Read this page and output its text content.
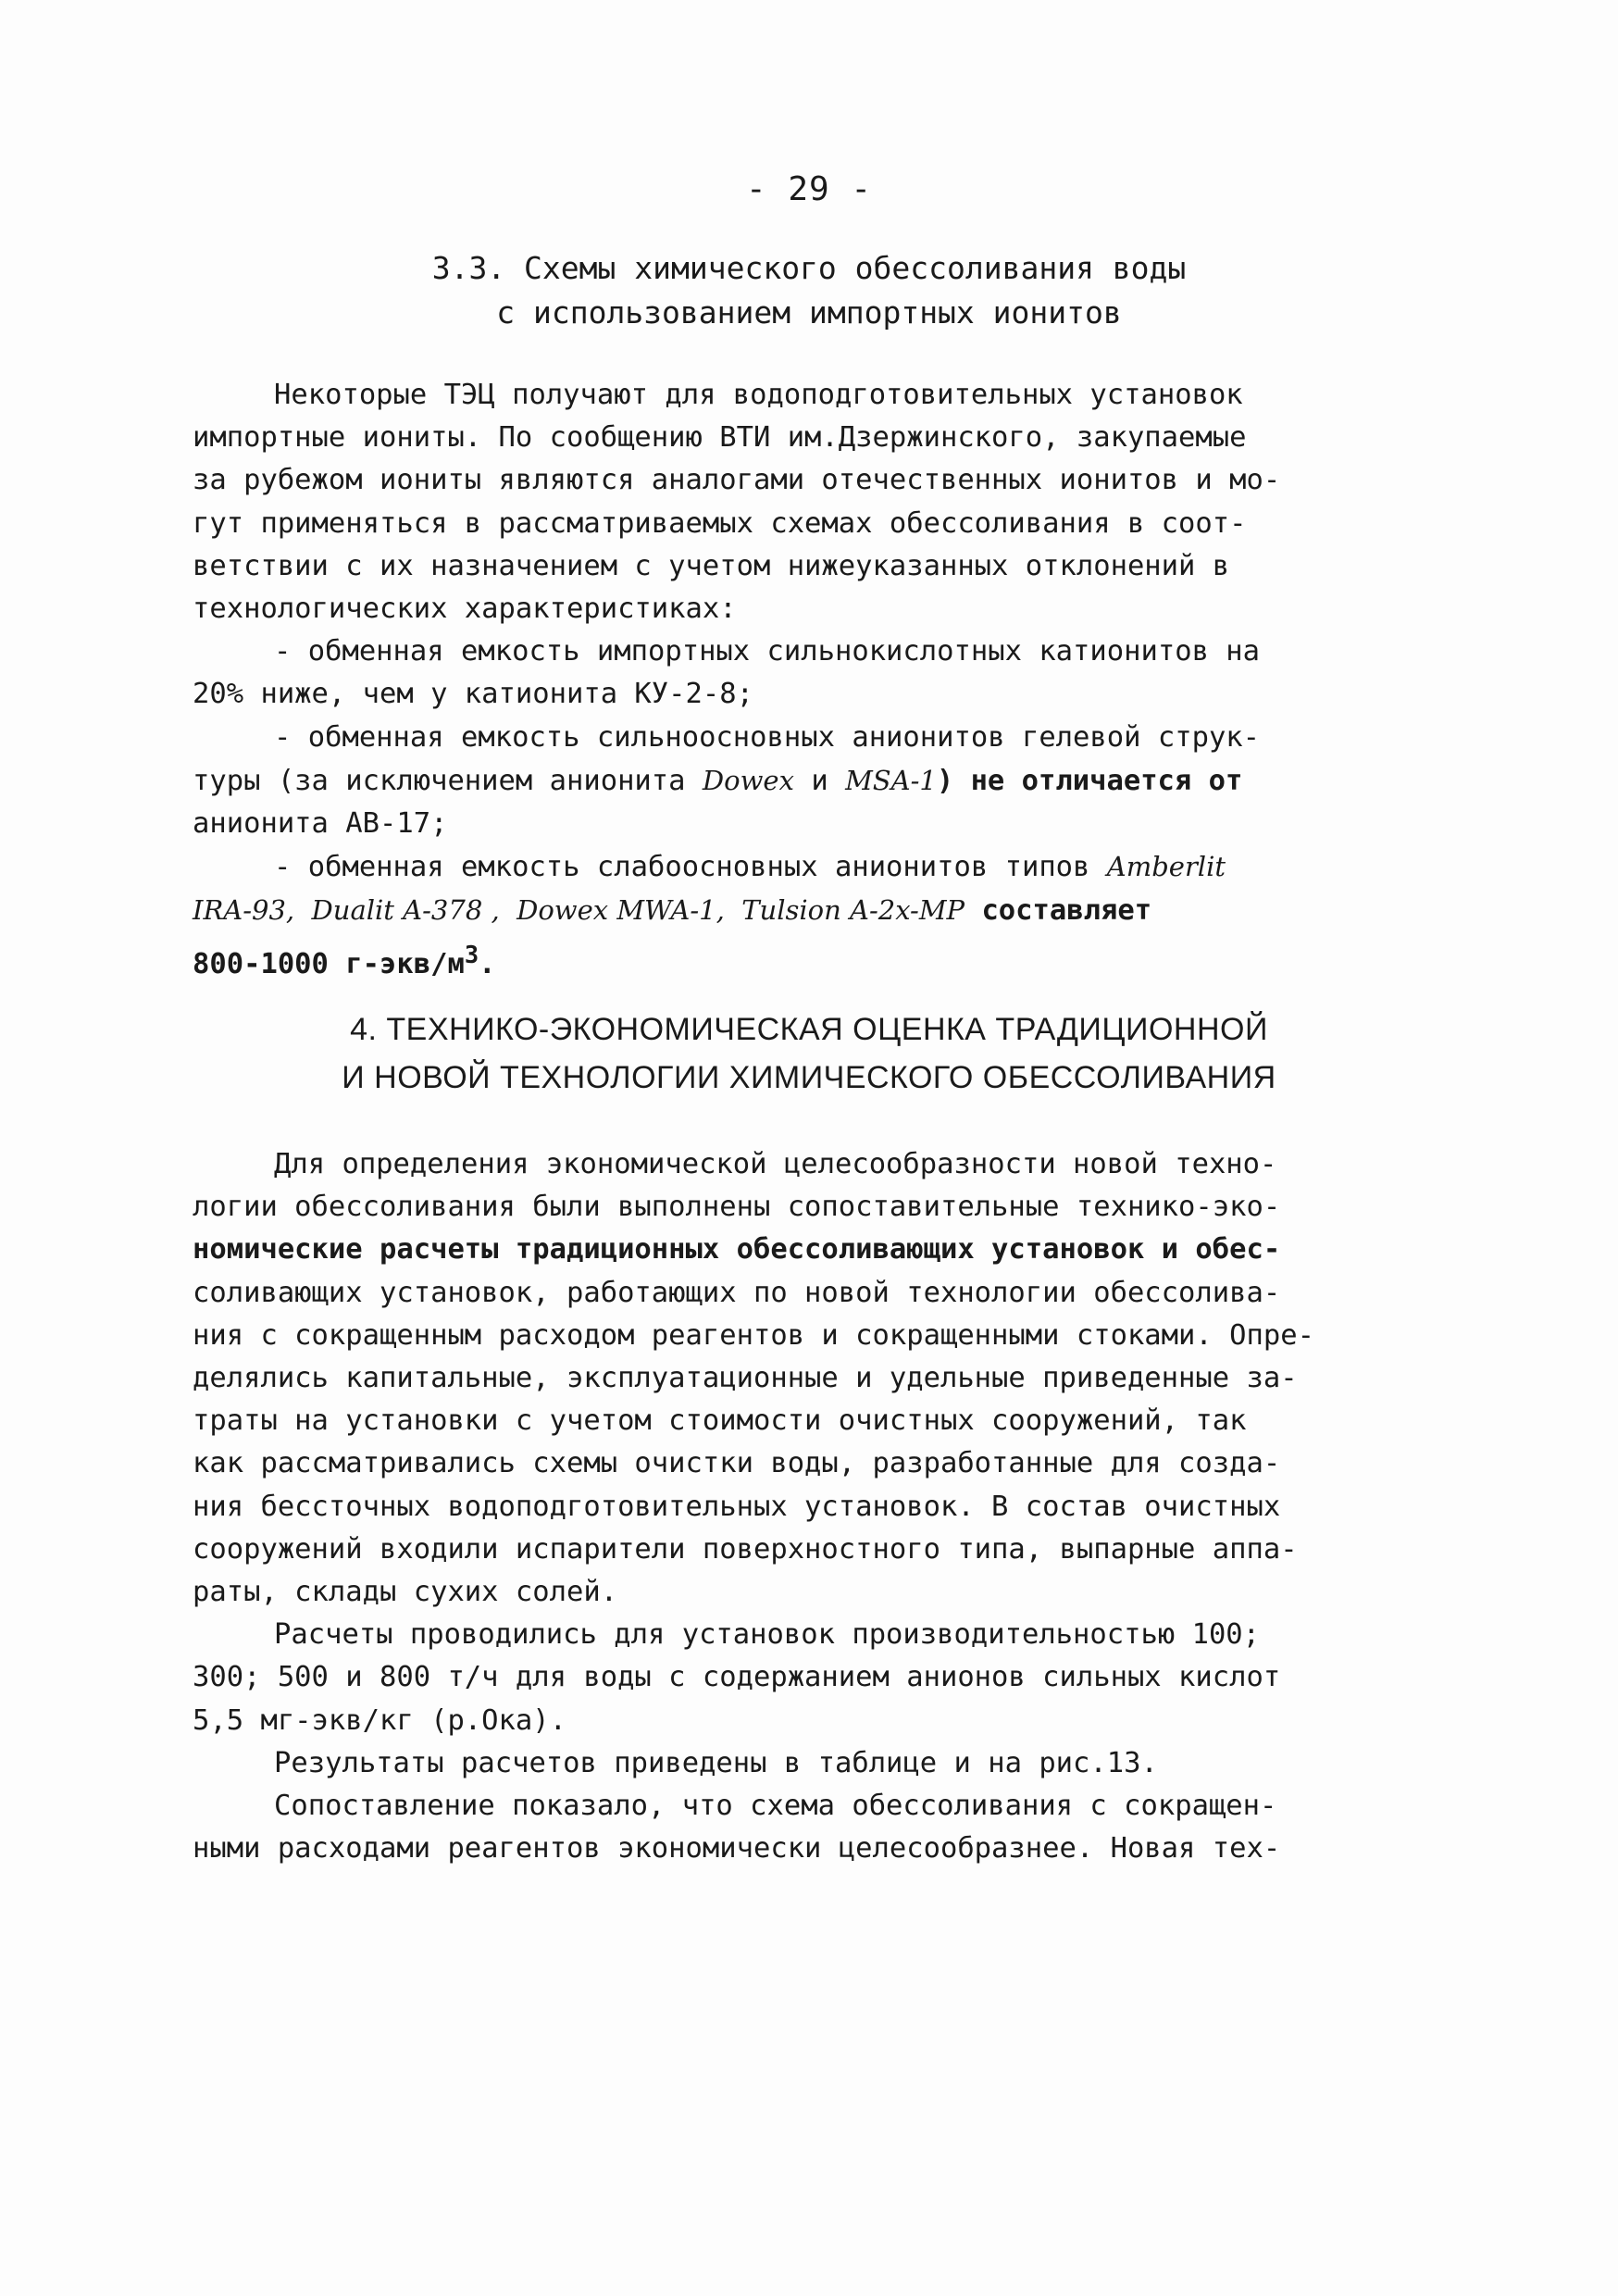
- 29 -
3.3. Схемы химического обессоливания воды
с использованием импортных ионитов
Некоторые ТЭЦ получают для водоподготовительных установок
импортные иониты. По сообщению ВТИ им.Дзержинского, закупаемые
за рубежом иониты являются аналогами отечественных ионитов и мо-
гут применяться в рассматриваемых схемах обессоливания в соот-
ветствии с их назначением с учетом нижеуказанных отклонений в
технологических характеристиках:
- обменная емкость импортных сильнокислотных катионитов на
20% ниже, чем у катионита КУ-2-8;
- обменная емкость сильноосновных анионитов гелевой струк-
туры (за исключением анионита Dowex и MSA-1) не отличается от
анионита АВ-17;
- обменная емкость слабоосновных анионитов типов Amberlit
IRA-93, Dualit A-378 , Dowex MWA-1, Tulsion A-2x-MP составляет
800-1000 $г-экв/м^3$.
4. ТЕХНИКО-ЭКОНОМИЧЕСКАЯ ОЦЕНКА ТРАДИЦИОННОЙ
И НОВОЙ ТЕХНОЛОГИИ ХИМИЧЕСКОГО ОБЕССОЛИВАНИЯ
Для определения экономической целесообразности новой техно-
логии обессоливания были выполнены сопоставительные технико-эко-
номические расчеты традиционных обессоливающих установок и обес-
соливающих установок, работающих по новой технологии обессолива-
ния с сокращенным расходом реагентов и сокращенными стоками. Опре-
делялись капитальные, эксплуатационные и удельные приведенные за-
траты на установки с учетом стоимости очистных сооружений, так
как рассматривались схемы очистки воды, разработанные для созда-
ния бессточных водоподготовительных установок. В состав очистных
сооружений входили испарители поверхностного типа, выпарные аппа-
раты, склады сухих солей.
Расчеты проводились для установок производительностью 100;
300; 500 и 800 т/ч для воды с содержанием анионов сильных кислот
5,5 мг-экв/кг (р.Ока).
Результаты расчетов приведены в таблице и на рис.13.
Сопоставление показало, что схема обессоливания с сокращен-
ными расходами реагентов экономически целесообразнее. Новая тех-
